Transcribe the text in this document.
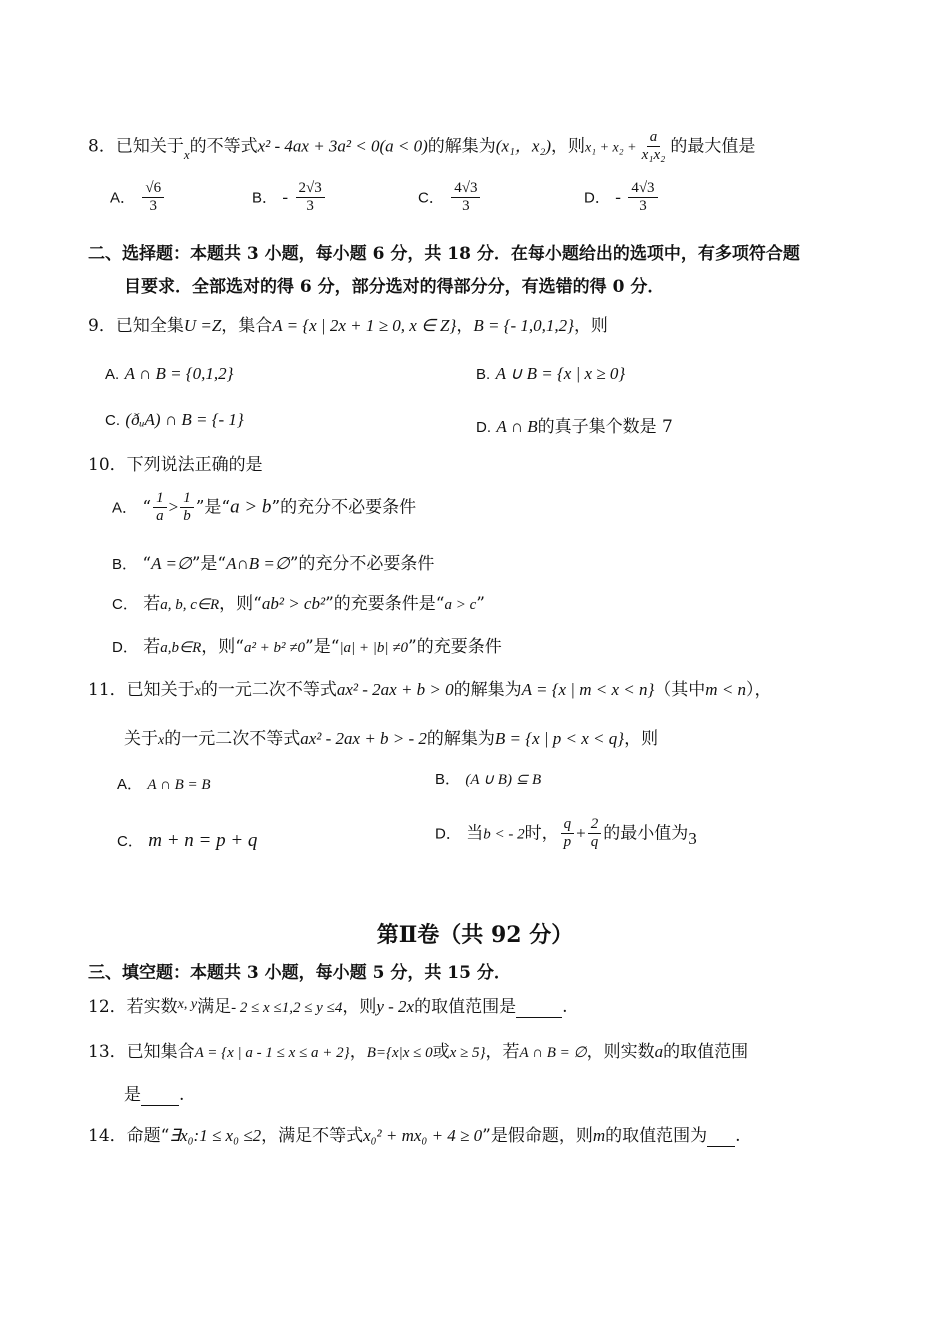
8．已知关于$_x$的不等式x² - 4ax + 3a² < 0(a < 0)的解集为(x₁，x₂)，则$x_1 + x_2 + \frac{a}{\text{x₁x₂}}$ 的最大值是
A． $\frac{√6}{3}$	B． - $\frac{2√3}{3}$	C． $\frac{4√3}{3}$	D． - $\frac{4√3}{3}$
二、选择题：本题共 3 小题，每小题 6 分，共 18 分．在每小题给出的选项中，有多项符合题
目要求．全部选对的得 6 分，部分选对的得部分分，有选错的得 0 分．
9．已知全集U =Z，集合A = {x | 2x + 1 ≥ 0, x ∈ Z}，B = {- 1,0,1,2}，则
A. A ∩ B = {0,1,2}	B. A ∪ B = {x | x ≥ 0}
C. (ðᵤA) ∩ B = {- 1}	D. A ∩ B的真子集个数是 7
10．下列说法正确的是
A． “ $\frac{1}{a} > \frac{1}{b}$ ”是“a > b”的充分不必要条件
B． “A =∅”是“A∩B =∅”的充分不必要条件
C． 若a, b, c∈R，则“ab² > cb²”的充要条件是“a > c”
D． 若a,b∈R，则“a² + b² ≠0”是“|a| + |b| ≠0”的充要条件
11．已知关于x的一元二次不等式ax² - 2ax + b > 0的解集为A = {x | m < x < n}（其中m < n），
关于x的一元二次不等式ax² - 2ax + b > - 2的解集为B = {x | p < x < q}，则
A． A ∩ B = B	B． (A ∪ B) ⊆ B
C． m + n = p + q	D． 当b < - 2时， $\frac{q}{p} + \frac{2}{q}$ 的最小值为3
第Ⅱ卷（共 92 分）
三、填空题：本题共 3 小题，每小题 5 分，共 15 分．
12．若实数$^{x, y}$满足- 2 ≤ x ≤1,2 ≤ y ≤4，则y - 2x的取值范围是	.
13．已知集合A = {x | a - 1 ≤ x ≤ a + 2}，B={x|x ≤ 0或x ≥ 5}，若A ∩ B = ∅，则实数a的取值范围
是 .
14．命题“∃x₀:1 ≤ x₀ ≤2，满足不等式x₀² + mx₀ + 4 ≥ 0”是假命题，则m的取值范围为 .
